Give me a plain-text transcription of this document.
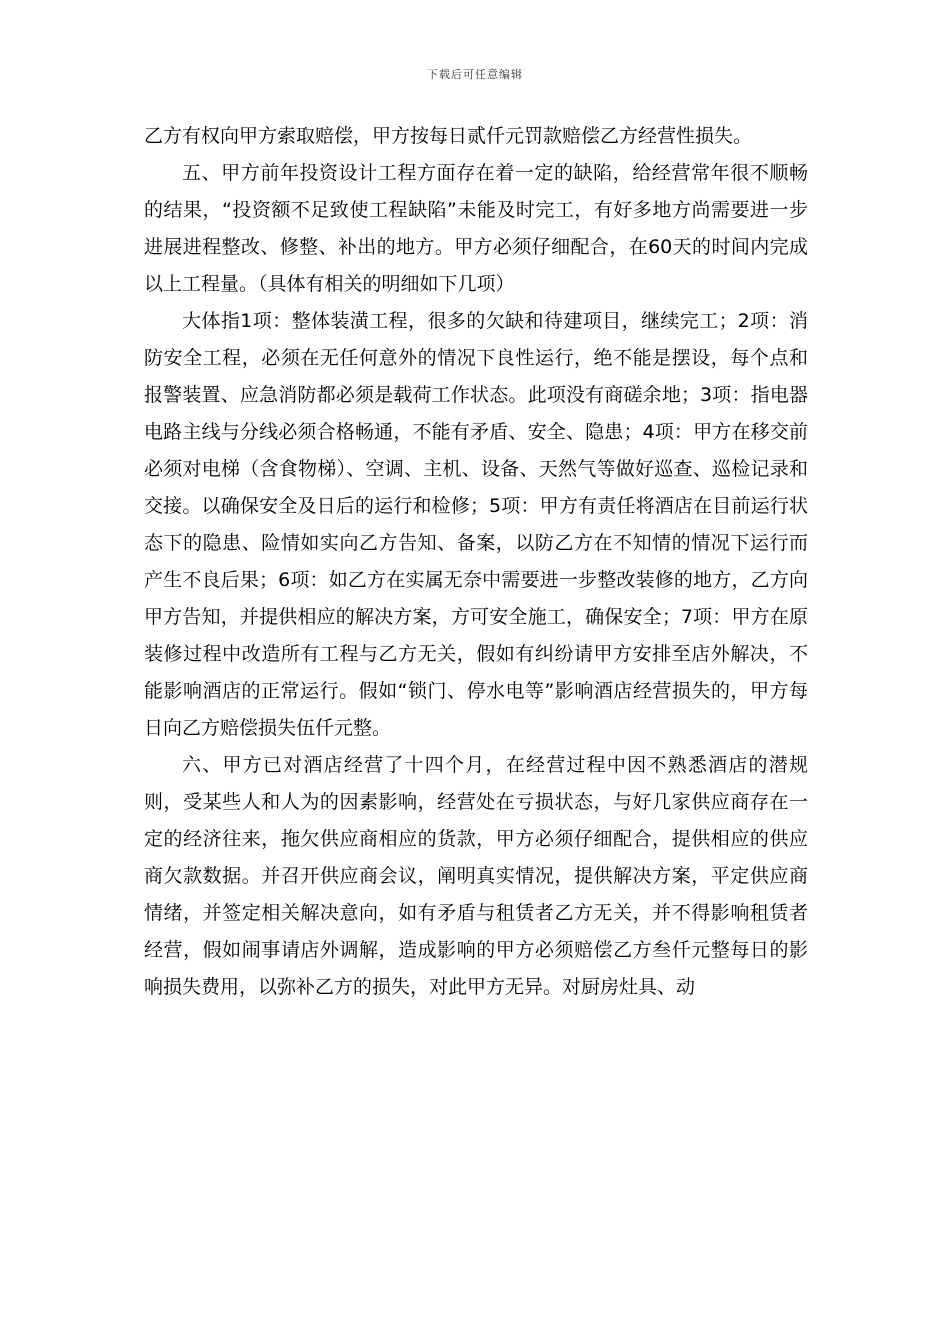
下载后可任意编辑

乙方有权向甲方索取赔偿，甲方按每日贰仟元罚款赔偿乙方经营性损失。

五、甲方前年投资设计工程方面存在着一定的缺陷，给经营常年很不顺畅的结果，“投资额不足致使工程缺陷”未能及时完工，有好多地方尚需要进一步进展进程整改、修整、补出的地方。甲方必须仔细配合，在60天的时间内完成以上工程量。（具体有相关的明细如下几项）

大体指1项：整体装潢工程，很多的欠缺和待建项目，继续完工；2项：消防安全工程，必须在无任何意外的情况下良性运行，绝不能是摆设，每个点和报警装置、应急消防都必须是载荷工作状态。此项没有商磋余地；3项：指电器电路主线与分线必须合格畅通，不能有矛盾、安全、隐患；4项：甲方在移交前必须对电梯（含食物梯）、空调、主机、设备、天然气等做好巡查、巡检记录和交接。以确保安全及日后的运行和检修；5项：甲方有责任将酒店在目前运行状态下的隐患、险情如实向乙方告知、备案，以防乙方在不知情的情况下运行而产生不良后果；6项：如乙方在实属无奈中需要进一步整改装修的地方，乙方向甲方告知，并提供相应的解决方案，方可安全施工，确保安全；7项：甲方在原装修过程中改造所有工程与乙方无关，假如有纠纷请甲方安排至店外解决，不能影响酒店的正常运行。假如“锁门、停水电等”影响酒店经营损失的，甲方每日向乙方赔偿损失伍仟元整。

六、甲方已对酒店经营了十四个月，在经营过程中因不熟悉酒店的潜规则，受某些人和人为的因素影响，经营处在亏损状态，与好几家供应商存在一定的经济往来，拖欠供应商相应的货款，甲方必须仔细配合，提供相应的供应商欠款数据。并召开供应商会议，阐明真实情况，提供解决方案，平定供应商情绪，并签定相关解决意向，如有矛盾与租赁者乙方无关，并不得影响租赁者经营，假如闹事请店外调解，造成影响的甲方必须赔偿乙方叁仟元整每日的影响损失费用，以弥补乙方的损失，对此甲方无异。对厨房灶具、动
